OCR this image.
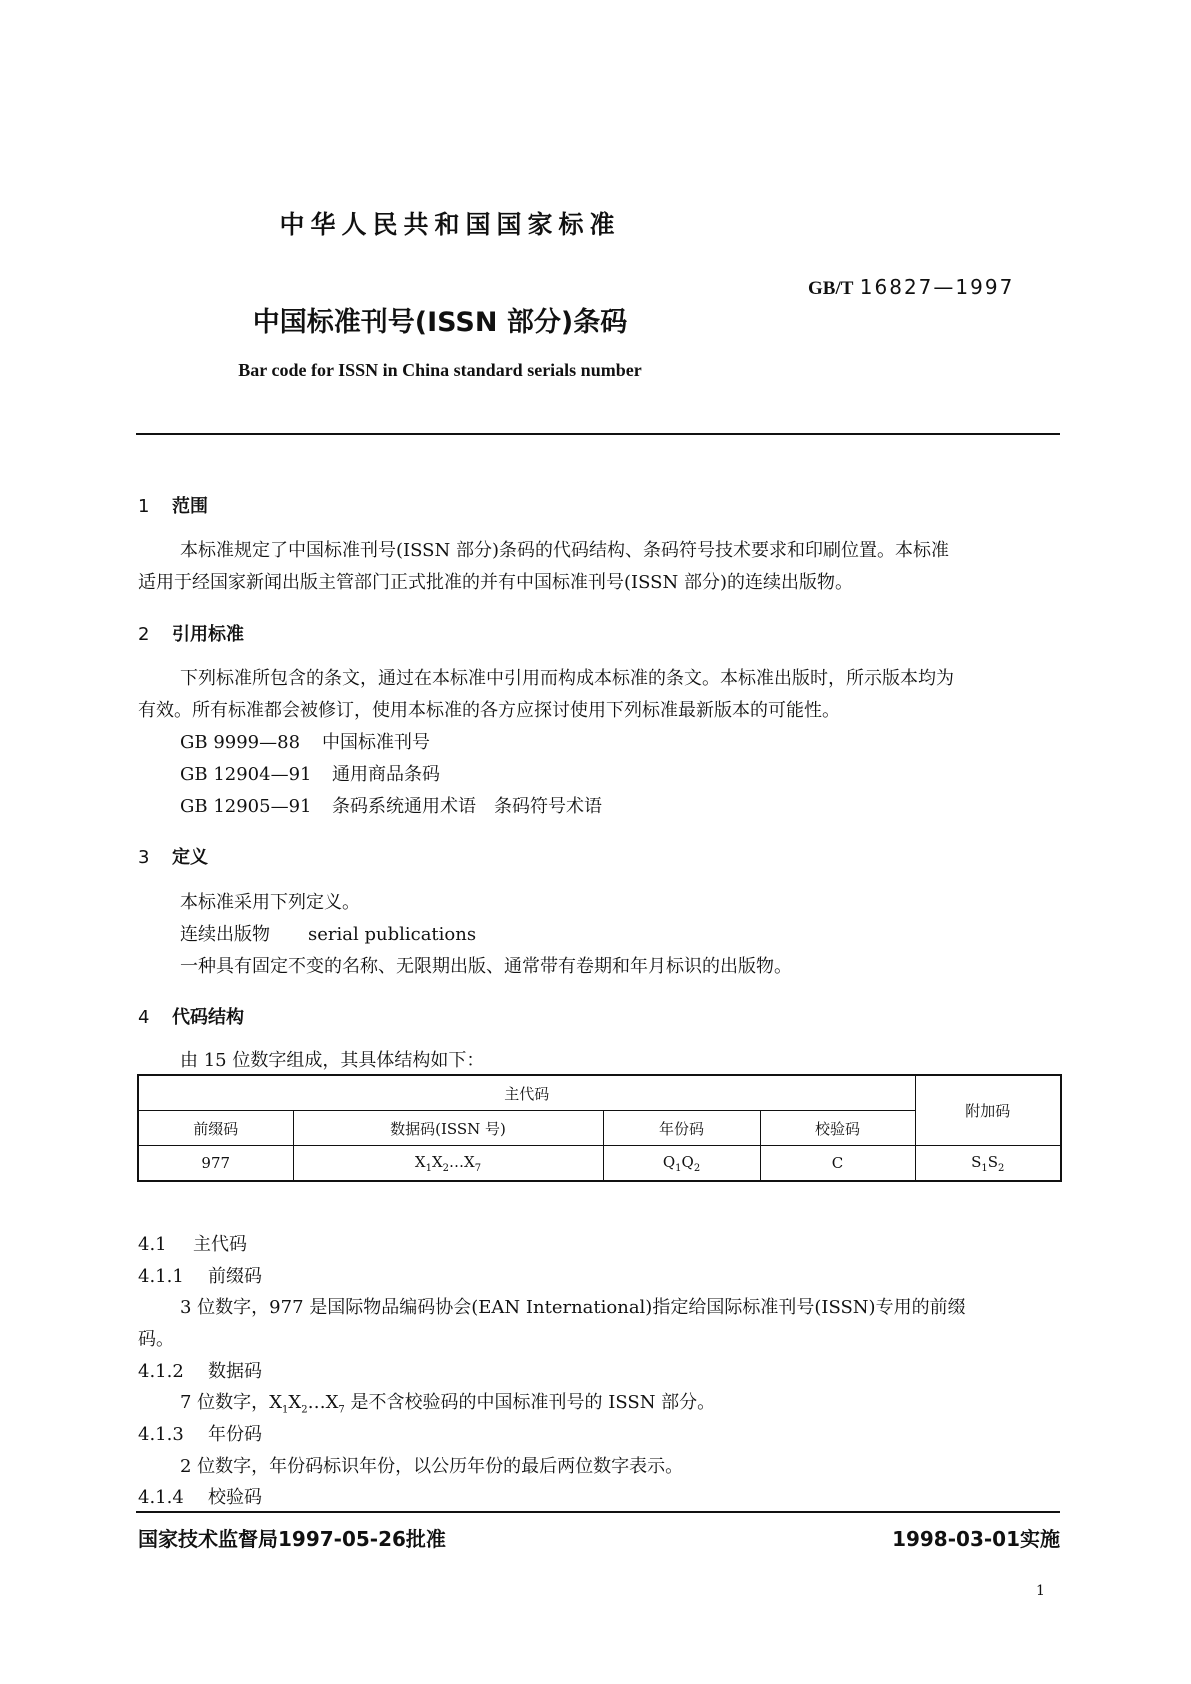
中华人民共和国国家标准
GB/T 16827—1997
中国标准刊号(ISSN 部分)条码
Bar code for ISSN in China standard serials number
1 范围
本标准规定了中国标准刊号(ISSN 部分)条码的代码结构、条码符号技术要求和印刷位置。本标准
适用于经国家新闻出版主管部门正式批准的并有中国标准刊号(ISSN 部分)的连续出版物。
2 引用标准
下列标准所包含的条文，通过在本标准中引用而构成本标准的条文。本标准出版时，所示版本均为
有效。所有标准都会被修订，使用本标准的各方应探讨使用下列标准最新版本的可能性。
GB 9999—88 中国标准刊号
GB 12904—91 通用商品条码
GB 12905—91 条码系统通用术语　条码符号术语
3 定义
本标准采用下列定义。
连续出版物 serial publications
一种具有固定不变的名称、无限期出版、通常带有卷期和年月标识的出版物。
4 代码结构
由 15 位数字组成，其具体结构如下：
主代码				附加码
前缀码	数据码(ISSN 号)	年份码	校验码	
977	$X_1X_2\dots X_7$	$Q_1Q_2$	C	$S_1S_2$
4.1 主代码
4.1.1 前缀码
3 位数字，977 是国际物品编码协会(EAN International)指定给国际标准刊号(ISSN)专用的前缀
码。
4.1.2 数据码
7 位数字，$X_1X_2\dots X_7$ 是不含校验码的中国标准刊号的 ISSN 部分。
4.1.3 年份码
2 位数字，年份码标识年份，以公历年份的最后两位数字表示。
4.1.4 校验码
国家技术监督局1997-05-26批准	1998-03-01实施
1
